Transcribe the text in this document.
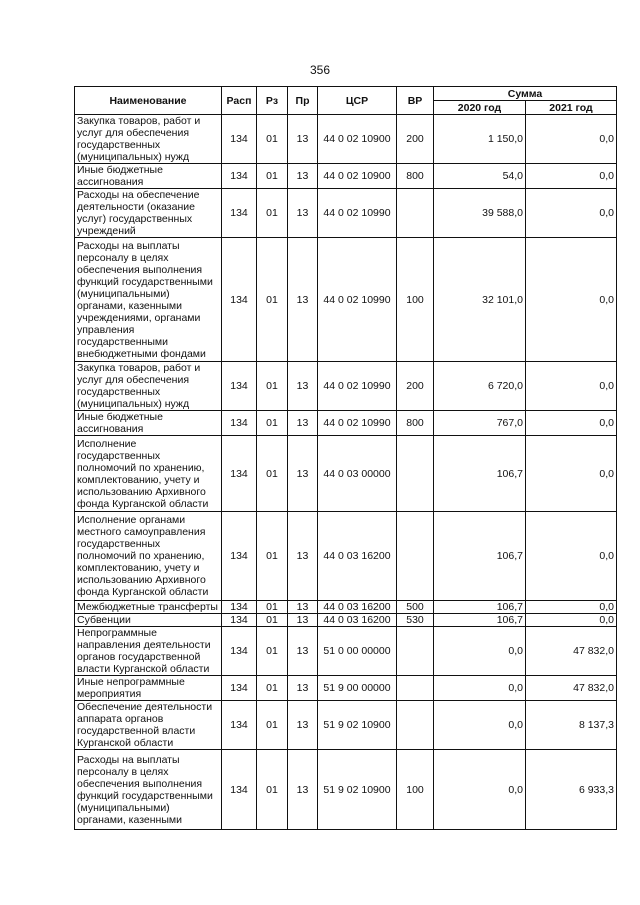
356
Наименование	Расп	Рз	Пр	ЦСР	ВР	Сумма	
						2020 год	2021 год
Закупка товаров, работ и услуг для обеспечения государственных (муниципальных) нужд	134	01	13	44 0 02 10900	200	1 150,0	0,0
Иные бюджетные ассигнования	134	01	13	44 0 02 10900	800	54,0	0,0
Расходы на обеспечение деятельности (оказание услуг) государственных учреждений	134	01	13	44 0 02 10990		39 588,0	0,0
Расходы на выплаты персоналу в целях обеспечения выполнения функций государственными (муниципальными) органами, казенными учреждениями, органами управления государственными внебюджетными фондами	134	01	13	44 0 02 10990	100	32 101,0	0,0
Закупка товаров, работ и услуг для обеспечения государственных (муниципальных) нужд	134	01	13	44 0 02 10990	200	6 720,0	0,0
Иные бюджетные ассигнования	134	01	13	44 0 02 10990	800	767,0	0,0
Исполнение государственных полномочий по хранению, комплектованию, учету и использованию Архивного фонда Курганской области	134	01	13	44 0 03 00000		106,7	0,0
Исполнение органами местного самоуправления государственных полномочий по хранению, комплектованию, учету и использованию Архивного фонда Курганской области	134	01	13	44 0 03 16200		106,7	0,0
Межбюджетные трансферты	134	01	13	44 0 03 16200	500	106,7	0,0
Субвенции	134	01	13	44 0 03 16200	530	106,7	0,0
Непрограммные направления деятельности органов государственной власти Курганской области	134	01	13	51 0 00 00000		0,0	47 832,0
Иные непрограммные мероприятия	134	01	13	51 9 00 00000		0,0	47 832,0
Обеспечение деятельности аппарата органов государственной власти Курганской области	134	01	13	51 9 02 10900		0,0	8 137,3
Расходы на выплаты персоналу в целях обеспечения выполнения функций государственными (муниципальными) органами, казенными	134	01	13	51 9 02 10900	100	0,0	6 933,3
